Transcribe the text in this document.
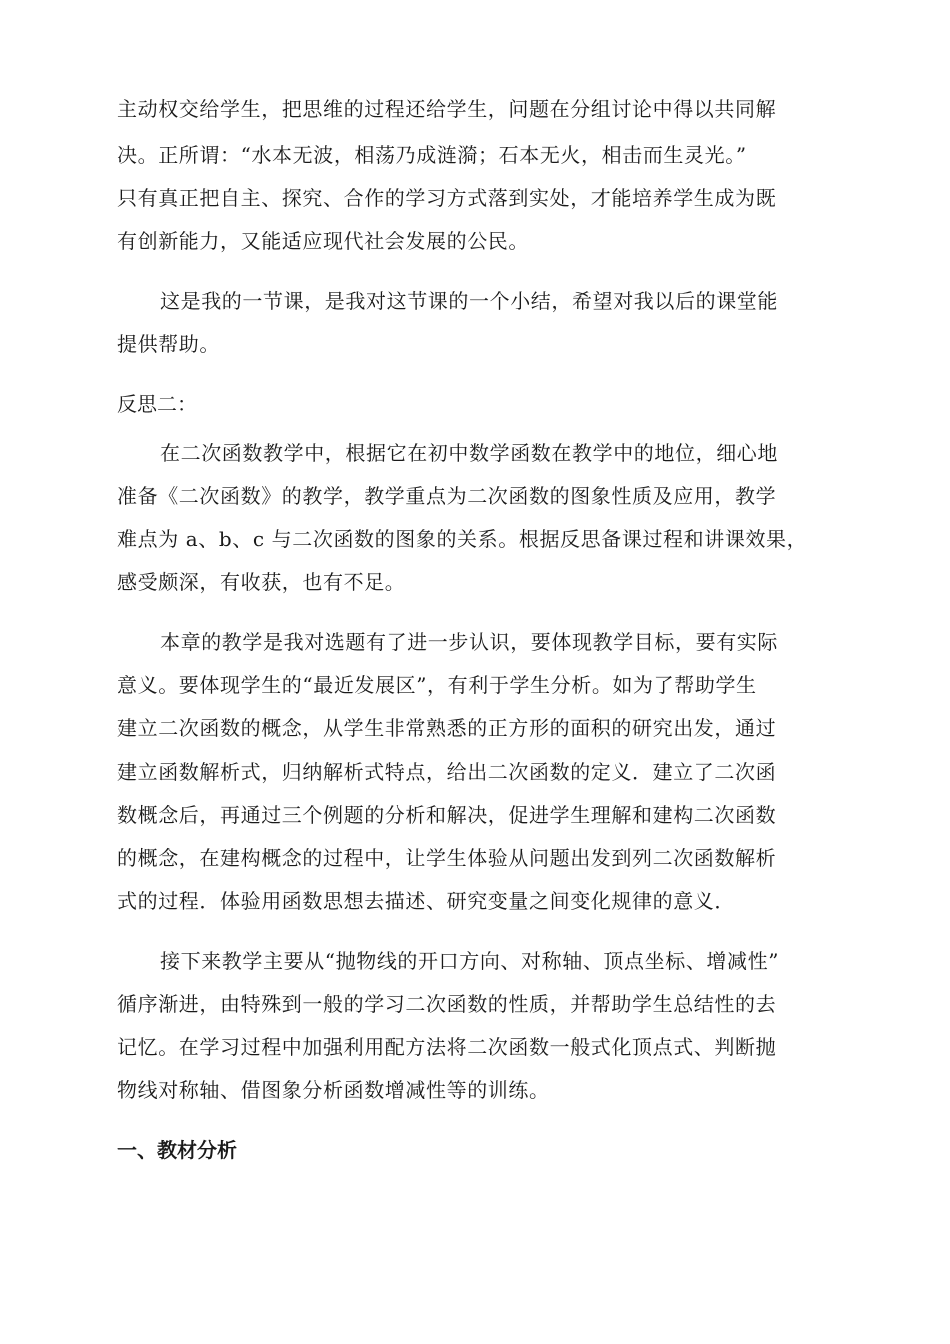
主动权交给学生，把思维的过程还给学生，问题在分组讨论中得以共同解
决。正所谓：“水本无波，相荡乃成涟漪；石本无火，相击而生灵光。”
只有真正把自主、探究、合作的学习方式落到实处，才能培养学生成为既
有创新能力，又能适应现代社会发展的公民。
这是我的一节课，是我对这节课的一个小结，希望对我以后的课堂能
提供帮助。
反思二：
在二次函数教学中，根据它在初中数学函数在教学中的地位，细心地
准备《二次函数》的教学，教学重点为二次函数的图象性质及应用，教学
难点为 a、b、c 与二次函数的图象的关系。根据反思备课过程和讲课效果，
感受颇深，有收获，也有不足。
本章的教学是我对选题有了进一步认识，要体现教学目标，要有实际
意义。要体现学生的“最近发展区”，有利于学生分析。如为了帮助学生
建立二次函数的概念，从学生非常熟悉的正方形的面积的研究出发，通过
建立函数解析式，归纳解析式特点，给出二次函数的定义．建立了二次函
数概念后，再通过三个例题的分析和解决，促进学生理解和建构二次函数
的概念，在建构概念的过程中，让学生体验从问题出发到列二次函数解析
式的过程．体验用函数思想去描述、研究变量之间变化规律的意义．
接下来教学主要从“抛物线的开口方向、对称轴、顶点坐标、增减性”
循序渐进，由特殊到一般的学习二次函数的性质，并帮助学生总结性的去
记忆。在学习过程中加强利用配方法将二次函数一般式化顶点式、判断抛
物线对称轴、借图象分析函数增减性等的训练。
一、教材分析
